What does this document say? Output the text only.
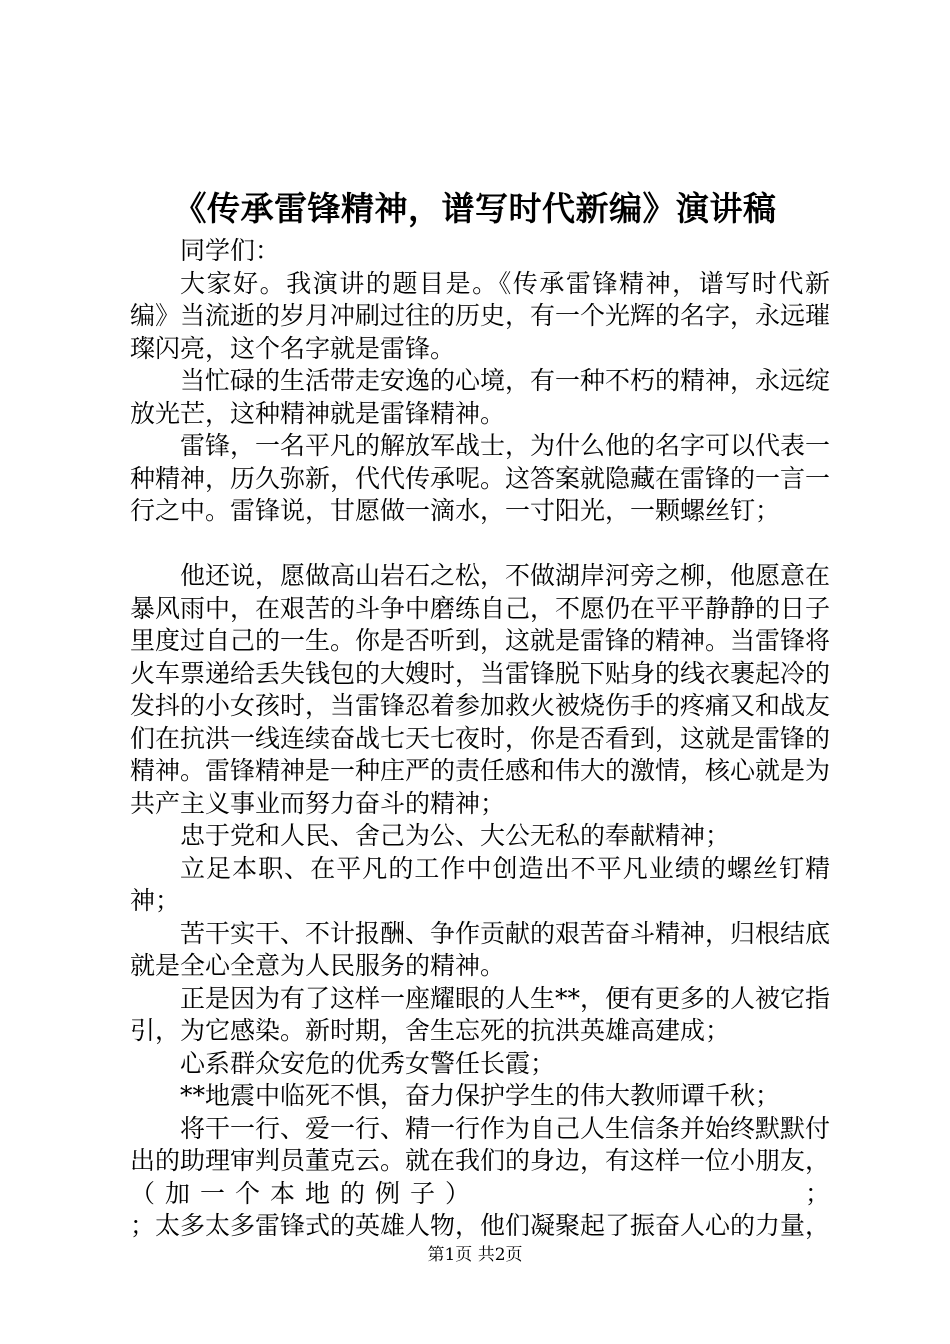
《传承雷锋精神，谱写时代新编》演讲稿

同学们：

大家好。我演讲的题目是。《传承雷锋精神，谱写时代新编》当流逝的岁月冲刷过往的历史，有一个光辉的名字，永远璀璨闪亮，这个名字就是雷锋。

当忙碌的生活带走安逸的心境，有一种不朽的精神，永远绽放光芒，这种精神就是雷锋精神。

雷锋，一名平凡的解放军战士，为什么他的名字可以代表一种精神，历久弥新，代代传承呢。这答案就隐藏在雷锋的一言一行之中。雷锋说，甘愿做一滴水，一寸阳光，一颗螺丝钉；

他还说，愿做高山岩石之松，不做湖岸河旁之柳，他愿意在暴风雨中，在艰苦的斗争中磨练自己，不愿仍在平平静静的日子里度过自己的一生。你是否听到，这就是雷锋的精神。当雷锋将火车票递给丢失钱包的大嫂时，当雷锋脱下贴身的线衣裹起冷的发抖的小女孩时，当雷锋忍着参加救火被烧伤手的疼痛又和战友们在抗洪一线连续奋战七天七夜时，你是否看到，这就是雷锋的精神。雷锋精神是一种庄严的责任感和伟大的激情，核心就是为共产主义事业而努力奋斗的精神；

忠于党和人民、舍己为公、大公无私的奉献精神；

立足本职、在平凡的工作中创造出不平凡业绩的螺丝钉精神；

苦干实干、不计报酬、争作贡献的艰苦奋斗精神，归根结底就是全心全意为人民服务的精神。

正是因为有了这样一座耀眼的人生**，便有更多的人被它指引，为它感染。新时期，舍生忘死的抗洪英雄高建成；

心系群众安危的优秀女警任长霞；

**地震中临死不惧，奋力保护学生的伟大教师谭千秋；

将干一行、爱一行、精一行作为自己人生信条并始终默默付出的助理审判员董克云。就在我们的身边，有这样一位小朋友，（加一个本地的例子）	；

；太多太多雷锋式的英雄人物，他们凝聚起了振奋人心的力量，

第1页 共2页
